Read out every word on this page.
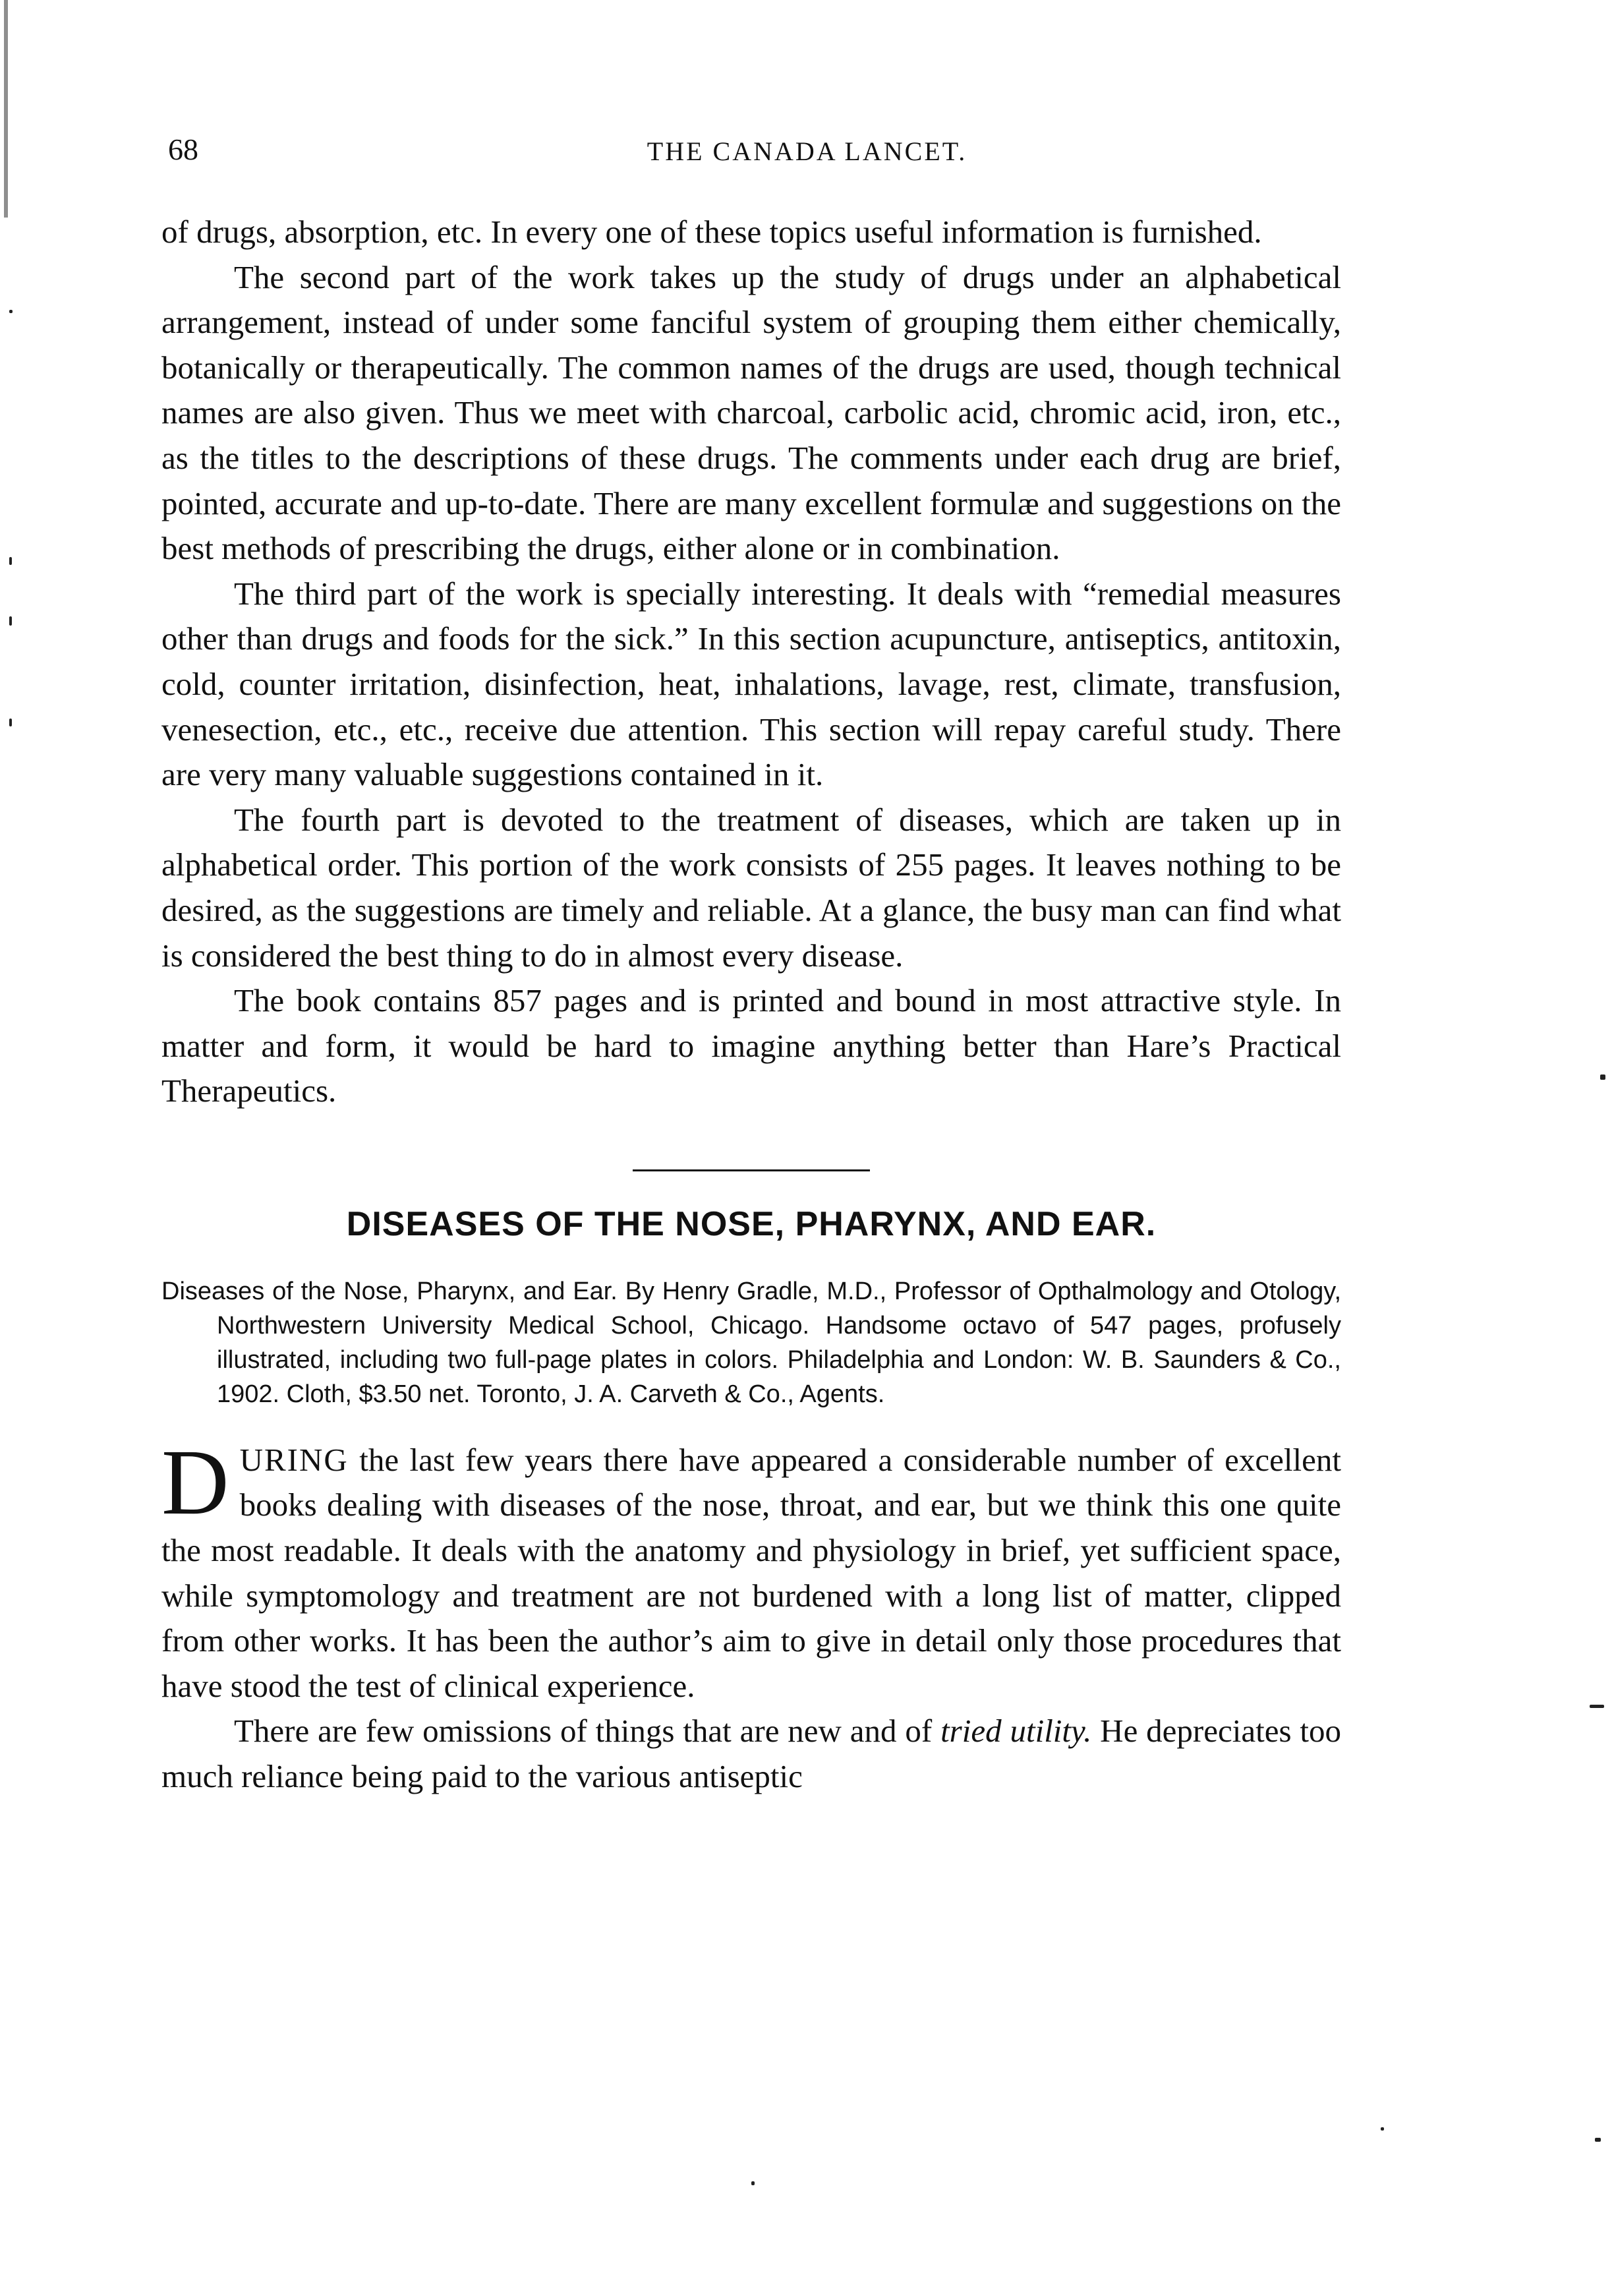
68	THE CANADA LANCET.

of drugs, absorption, etc. In every one of these topics useful information is furnished.

The second part of the work takes up the study of drugs under an alphabetical arrangement, instead of under some fanciful system of grouping them either chemically, botanically or therapeutically. The common names of the drugs are used, though technical names are also given. Thus we meet with charcoal, carbolic acid, chromic acid, iron, etc., as the titles to the descriptions of these drugs. The comments under each drug are brief, pointed, accurate and up-to-date. There are many excellent formulæ and suggestions on the best methods of prescribing the drugs, either alone or in combination.

The third part of the work is specially interesting. It deals with “remedial measures other than drugs and foods for the sick.” In this section acupuncture, antiseptics, antitoxin, cold, counter irritation, disinfection, heat, inhalations, lavage, rest, climate, transfusion, venesection, etc., etc., receive due attention. This section will repay careful study. There are very many valuable suggestions contained in it.

The fourth part is devoted to the treatment of diseases, which are taken up in alphabetical order. This portion of the work consists of 255 pages. It leaves nothing to be desired, as the suggestions are timely and reliable. At a glance, the busy man can find what is considered the best thing to do in almost every disease.

The book contains 857 pages and is printed and bound in most attractive style. In matter and form, it would be hard to imagine anything better than Hare’s Practical Therapeutics.

DISEASES OF THE NOSE, PHARYNX, AND EAR.

Diseases of the Nose, Pharynx, and Ear. By Henry Gradle, M.D., Professor of Opthalmology and Otology, Northwestern University Medical School, Chicago. Handsome octavo of 547 pages, profusely illustrated, including two full-page plates in colors. Philadelphia and London: W. B. Saunders & Co., 1902. Cloth, $3.50 net. Toronto, J. A. Carveth & Co., Agents.

DURING the last few years there have appeared a considerable number of excellent books dealing with diseases of the nose, throat, and ear, but we think this one quite the most readable. It deals with the anatomy and physiology in brief, yet sufficient space, while symptomology and treatment are not burdened with a long list of matter, clipped from other works. It has been the author’s aim to give in detail only those procedures that have stood the test of clinical experience.

There are few omissions of things that are new and of tried utility. He depreciates too much reliance being paid to the various antiseptic
